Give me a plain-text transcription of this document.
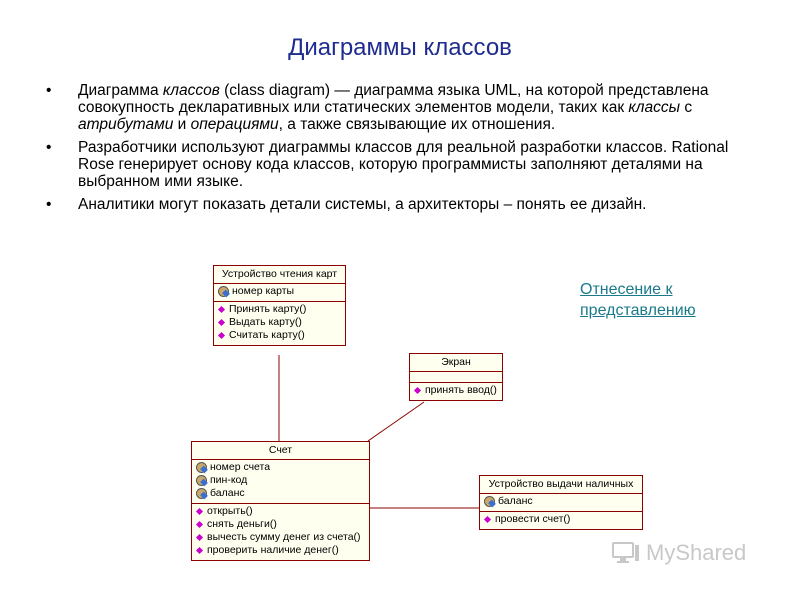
Диаграммы классов
• Диаграмма классов (class diagram) — диаграмма языка UML, на которой представлена совокупность декларативных или статических элементов модели, таких как классы с атрибутами и операциями, а также связывающие их отношения.
• Разработчики используют диаграммы классов для реальной разработки классов. Rational Rose генерирует основу кода классов, которую программисты заполняют деталями на выбранном ими языке.
• Аналитики могут показать детали системы, а архитекторы – понять ее дизайн.
Устройство чтения карт
номер карты
Принять карту()
Выдать карту()
Считать карту()
Экран
принять ввод()
Счет
номер счета
пин-код
баланс
открыть()
снять деньги()
вычесть сумму денег из счета()
проверить наличие денег()
Устройство выдачи наличных
баланс
провести счет()
Отнесение к
представлению
MyShared
